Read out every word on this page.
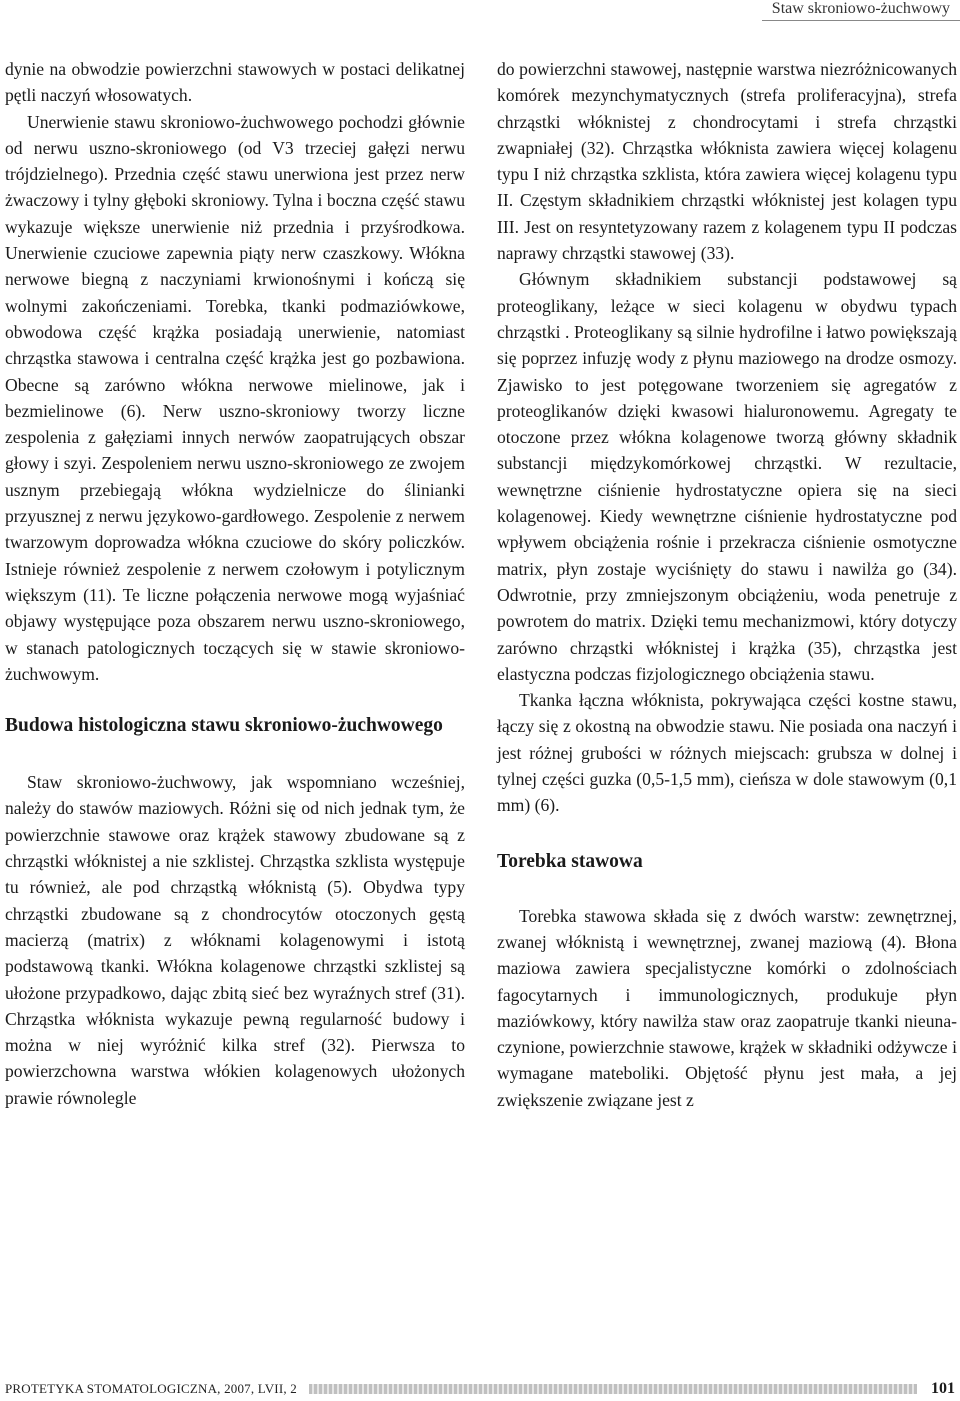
Staw skroniowo-żuchwowy

dynie na obwodzie powierzchni stawowych w postaci delikatnej pętli naczyń włosowatych.

Unerwienie stawu skroniowo-żuchwowego pochodzi głównie od nerwu uszno-skroniowego (od V3 trzeciej gałęzi nerwu trójdzielnego). Przednia część stawu unerwiona jest przez nerw żwaczowy i tylny głęboki skroniowy. Tylna i boczna część stawu wykazuje większe unerwienie niż przednia i przyśrodkowa. Unerwienie czuciowe zapewnia piąty nerw czaszkowy. Włókna nerwowe biegną z naczyniami krwionośnymi i kończą się wolnymi zakończeniami. Torebka, tkanki podmaziówkowe, obwodowa część krążka posiadają unerwienie, natomiast chrząstka stawowa i centralna część krążka jest go pozbawiona. Obecne są zarówno włókna nerwowe mielinowe, jak i bezmielinowe (6). Nerw uszno-skroniowy tworzy liczne zespolenia z gałęziami innych nerwów zaopatrujących obszar głowy i szyi. Zespoleniem nerwu uszno-skroniowego ze zwojem usznym przebiegają włókna wydzielnicze do ślinianki przyusznej z nerwu językowo-gardłowego. Zespolenie z nerwem twarzowym doprowadza włókna czuciowe do skóry policzków. Istnieje również zespolenie z nerwem czołowym i potylicznym większym (11). Te liczne połączenia nerwowe mogą wyjaśniać objawy występujące poza obszarem nerwu uszno-skroniowego, w stanach patologicznych toczących się w stawie skroniowo-żuchwowym.

Budowa histologiczna stawu skroniowo-żuchwowego

Staw skroniowo-żuchwowy, jak wspomniano wcześniej, należy do stawów maziowych. Różni się od nich jednak tym, że powierzchnie stawowe oraz krążek stawowy zbudowane są z chrząstki włóknistej a nie szklistej. Chrząstka szklista występuje tu również, ale pod chrząstką włóknistą (5). Obydwa typy chrząstki zbudowane są z chondrocytów otoczonych gęstą macierzą (matrix) z włóknami kolagenowymi i istotą podstawową tkanki. Włókna kolagenowe chrząstki szklistej są ułożone przypadkowo, dając zbitą sieć bez wyraźnych stref (31). Chrząstka włóknista wykazuje pewną regularność budowy i można w niej wyróżnić kilka stref (32). Pierwsza to powierzchowna warstwa włókien kolagenowych ułożonych prawie równolegle

do powierzchni stawowej, następnie warstwa niezróżnicowanych komórek mezynchymatycznych (strefa proliferacyjna), strefa chrząstki włóknistej z chondrocytami i strefa chrząstki zwapniałej (32). Chrząstka włóknista zawiera więcej kolagenu typu I niż chrząstka szklista, która zawiera więcej kolagenu typu II. Częstym składnikiem chrząstki włóknistej jest kolagen typu III. Jest on resyntetyzowany razem z kolagenem typu II podczas naprawy chrząstki stawowej (33).

Głównym składnikiem substancji podstawowej są proteoglikany, leżące w sieci kolagenu w obydwu typach chrząstki . Proteoglikany są silnie hydrofilne i łatwo powiększają się poprzez infuzję wody z płynu maziowego na drodze osmozy. Zjawisko to jest potęgowane tworzeniem się agregatów z proteoglikanów dzięki kwasowi hialuronowemu. Agregaty te otoczone przez włókna kolagenowe tworzą główny składnik substancji międzykomórkowej chrząstki. W rezultacie, wewnętrzne ciśnienie hydrostatyczne opiera się na sieci kolagenowej. Kiedy wewnętrzne ciśnienie hydrostatyczne pod wpływem obciążenia rośnie i przekracza ciśnienie osmotyczne matrix, płyn zostaje wyciśnięty do stawu i nawilża go (34). Odwrotnie, przy zmniejszonym obciążeniu, woda penetruje z powrotem do matrix. Dzięki temu mechanizmowi, który dotyczy zarówno chrząstki włóknistej i krążka (35), chrząstka jest elastyczna podczas fizjologicznego obciążenia stawu.

Tkanka łączna włóknista, pokrywająca części kostne stawu, łączy się z okostną na obwodzie stawu. Nie posiada ona naczyń i jest różnej grubości w różnych miejscach: grubsza w dolnej i tylnej części guzka (0,5-1,5 mm), cieńsza w dole stawowym (0,1 mm) (6).

Torebka stawowa

Torebka stawowa składa się z dwóch warstw: zewnętrznej, zwanej włóknistą i wewnętrznej, zwanej maziową (4). Błona maziowa zawiera specjalistyczne komórki o zdolnościach fagocytarnych i immunologicznych, produkuje płyn maziówkowy, który nawilża staw oraz zaopatruje tkanki nieunaczynione, powierzchnie stawowe, krążek w składniki odżywcze i wymagane mateboliki. Objętość płynu jest mała, a jej zwiększenie związane jest z

PROTETYKA STOMATOLOGICZNA, 2007, LVII, 2	101
